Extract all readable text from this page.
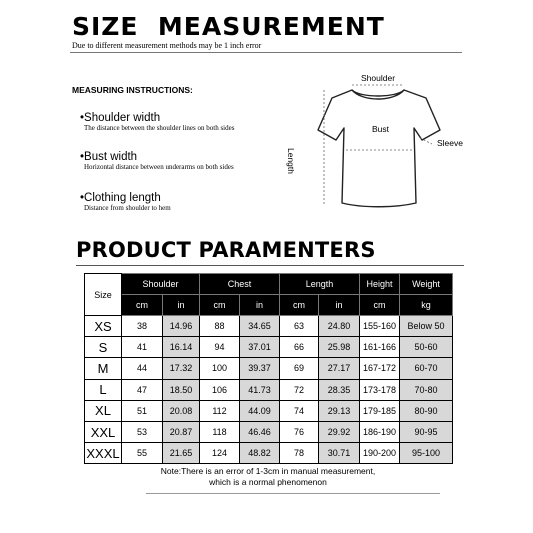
SIZE  MEASUREMENT
Due to different measurement methods may be 1 inch error
MEASURING INSTRUCTIONS:
•Shoulder width
The distance between the shoulder lines on both sides
•Bust width
Horizontal distance between underarms on both sides
•Clothing length
Distance from shoulder to hem
Shoulder
Bust
Length
Sleeve
PRODUCT PARAMENTERS
Size	Shoulder		Chest		Length		Height	Weight
	cm	in	cm	in	cm	in	cm	kg
XS	38	14.96	88	34.65	63	24.80	155-160	Below 50
S	41	16.14	94	37.01	66	25.98	161-166	50-60
M	44	17.32	100	39.37	69	27.17	167-172	60-70
L	47	18.50	106	41.73	72	28.35	173-178	70-80
XL	51	20.08	112	44.09	74	29.13	179-185	80-90
XXL	53	20.87	118	46.46	76	29.92	186-190	90-95
XXXL	55	21.65	124	48.82	78	30.71	190-200	95-100
Note:There is an error of 1-3cm in manual measurement,
which is a normal phenomenon
